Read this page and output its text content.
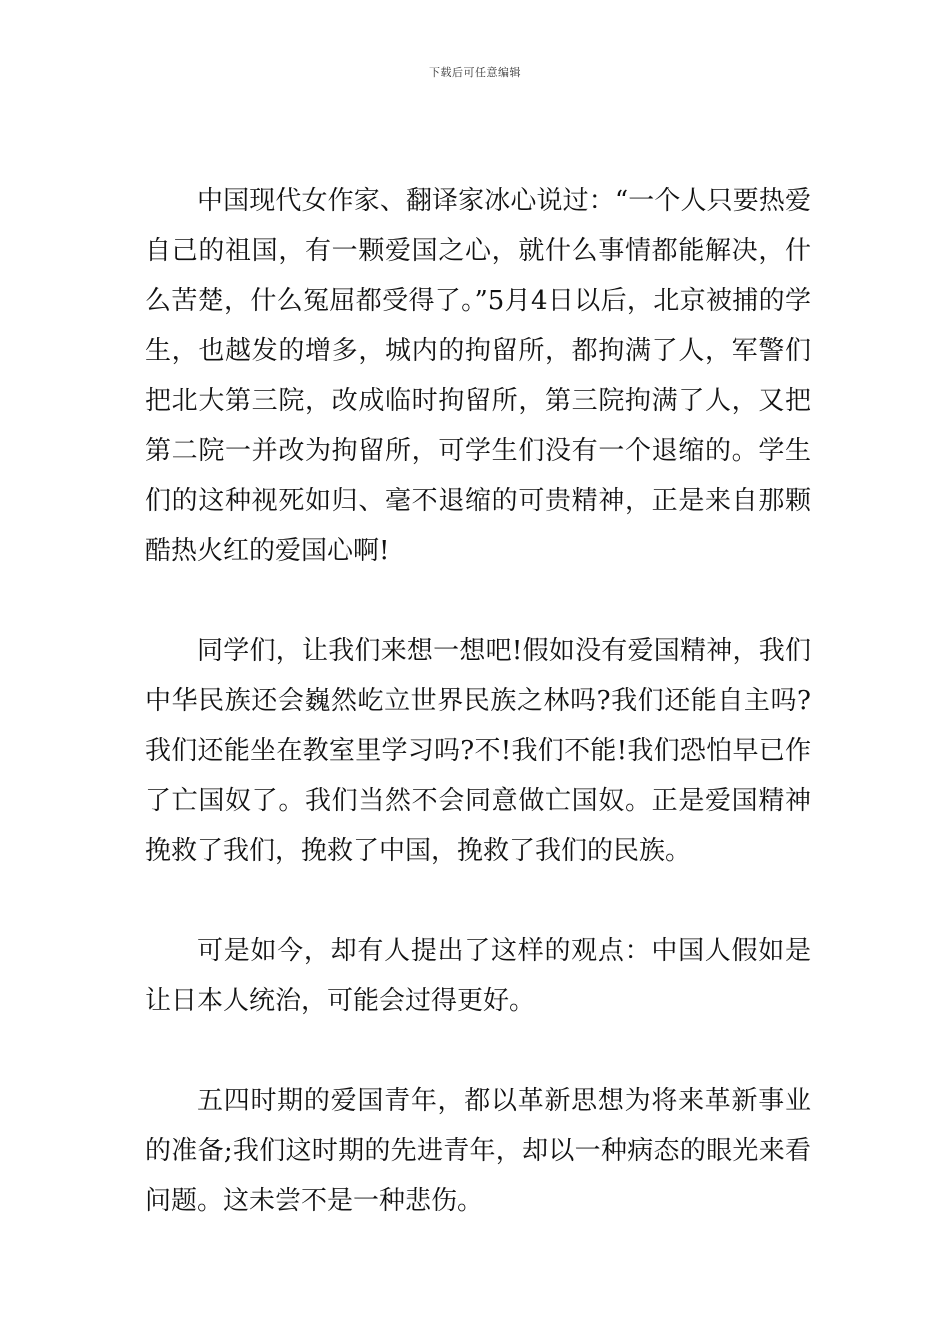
下载后可任意编辑

中国现代女作家、翻译家冰心说过：“一个人只要热爱自己的祖国，有一颗爱国之心，就什么事情都能解决，什么苦楚，什么冤屈都受得了。”5月4日以后，北京被捕的学生，也越发的增多，城内的拘留所，都拘满了人，军警们把北大第三院，改成临时拘留所，第三院拘满了人，又把第二院一并改为拘留所，可学生们没有一个退缩的。学生们的这种视死如归、毫不退缩的可贵精神，正是来自那颗酷热火红的爱国心啊!

同学们，让我们来想一想吧!假如没有爱国精神，我们中华民族还会巍然屹立世界民族之林吗?我们还能自主吗?我们还能坐在教室里学习吗?不!我们不能!我们恐怕早已作了亡国奴了。我们当然不会同意做亡国奴。正是爱国精神挽救了我们，挽救了中国，挽救了我们的民族。

可是如今，却有人提出了这样的观点：中国人假如是让日本人统治，可能会过得更好。

五四时期的爱国青年，都以革新思想为将来革新事业的准备;我们这时期的先进青年，却以一种病态的眼光来看问题。这未尝不是一种悲伤。
